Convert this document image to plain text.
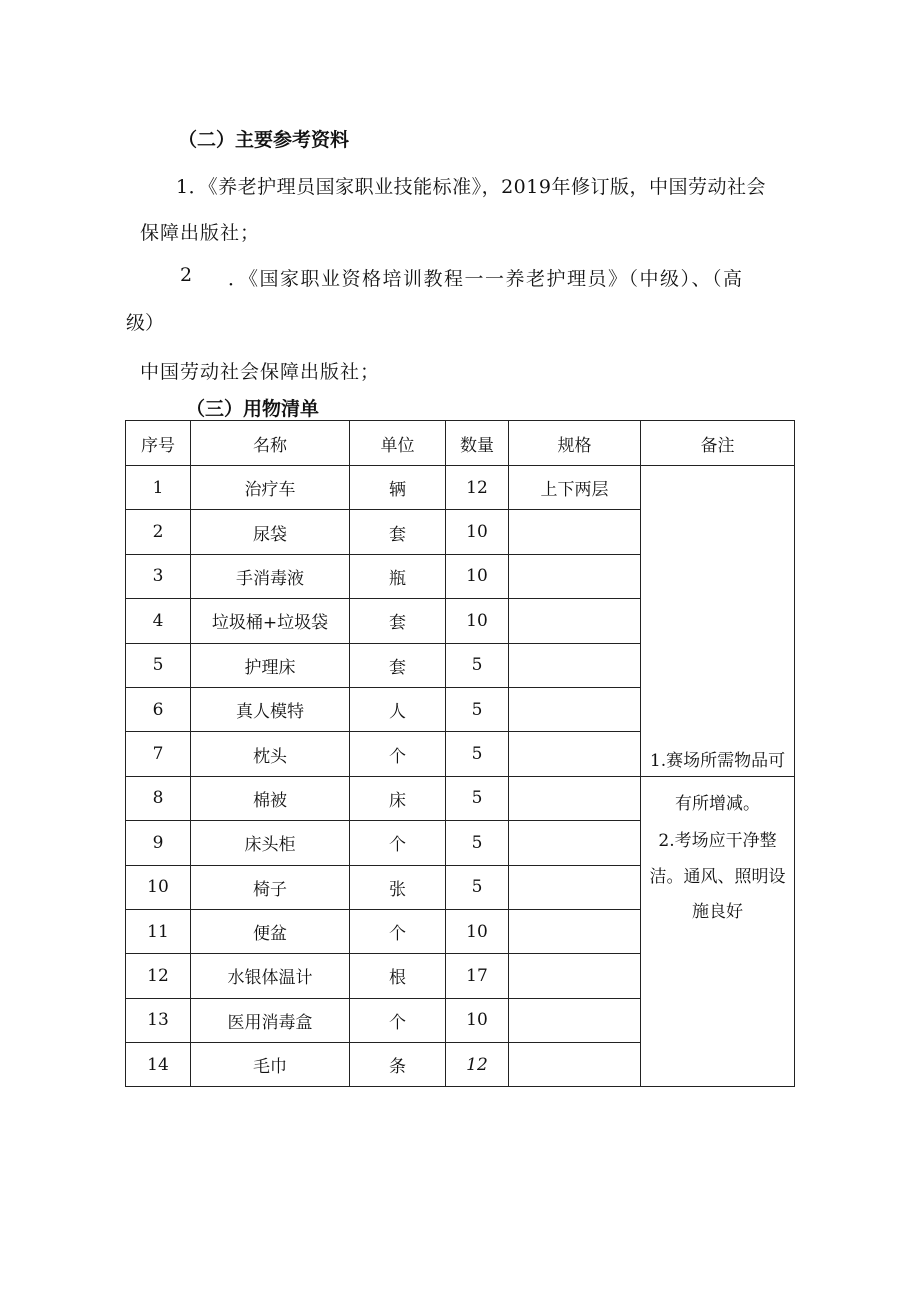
（二）主要参考资料
1．《养老护理员国家职业技能标准》，2019年修订版，中国劳动社会
保障出版社；
2 ．《国家职业资格培训教程一一养老护理员》（中级）、（高
级）
中国劳动社会保障出版社；
（三）用物清单
序号	名称	单位	数量	规格	备注
1	治疗车	辆	12	上下两层	1.赛场所需物品可
有所增减。
2.考场应干净整
洁。通风、照明设
施良好

2	尿袋	套	10		
3	手消毒液	瓶	10		
4	垃圾桶+垃圾袋	套	10		
5	护理床	套	5		
6	真人模特	人	5		
7	枕头	个	5		
8	棉被	床	5		
9	床头柜	个	5		
10	椅子	张	5		
11	便盆	个	10		
12	水银体温计	根	17		
13	医用消毒盒	个	10		
14	毛巾	条	12		
